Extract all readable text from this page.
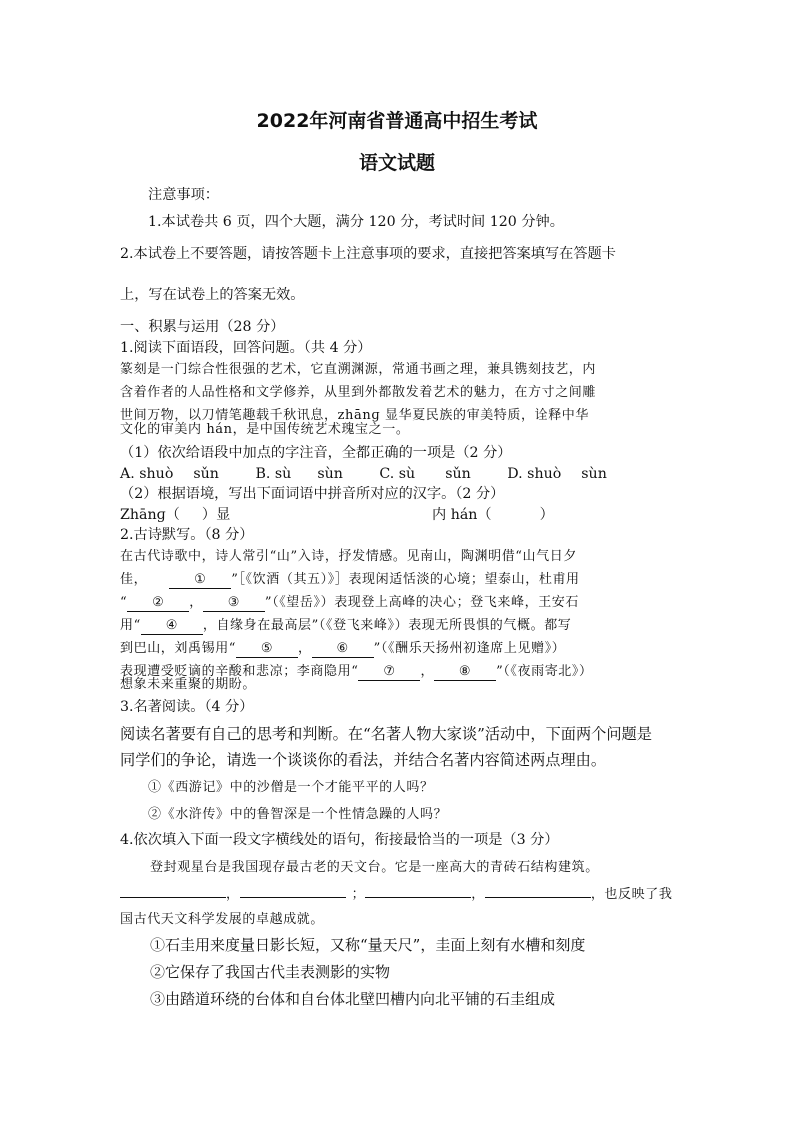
2022年河南省普通高中招生考试
语文试题
注意事项：
1.本试卷共 6 页，四个大题，满分 120 分，考试时间 120 分钟。
2.本试卷上不要答题，请按答题卡上注意事项的要求，直接把答案填写在答题卡
上，写在试卷上的答案无效。
一、积累与运用（28 分）
1.阅读下面语段，回答问题。（共 4 分）
篆刻是一门综合性很强的艺术，它直溯渊源，常通书画之理，兼具镌刻技艺，内
含着作者的人品性格和文学修养，从里到外都散发着艺术的魅力，在方寸之间雕
世间万物，以刀情笔趣载千秋讯息，zhānɡ 显华夏民族的审美特质，诠释中华
文化的审美内 hán，是中国传统艺术瑰宝之一。
（1）依次给语段中加点的字注音，全都正确的一项是（2 分）
A. shuò sǔn	B. sù sùn	C. sù sǔn	D. shuò sùn
（2）根据语境，写出下面词语中拼音所对应的汉字。（2 分）
Zhānɡ（ ）显	内 hán（	）
2.古诗默写。（8 分）
在古代诗歌中，诗人常引“山”入诗，抒发情感。见南山，陶渊明借“山气日夕
佳，	① ”［《饮酒（其五）》］表现闲适恬淡的心境；望泰山，杜甫用
“ ② ， ③ ”（《望岳》）表现登上高峰的决心；登飞来峰，王安石
用“ ④ ，自缘身在最高层”（《登飞来峰》）表现无所畏惧的气概。都写
到巴山，刘禹锡用“ ⑤ ， ⑥ ”（《酬乐天扬州初逢席上见赠》）
表现遭受贬谪的辛酸和悲凉；李商隐用“ ⑦ ， ⑧ ”（《夜雨寄北》）
想象未来重聚的期盼。
3.名著阅读。（4 分）
阅读名著要有自己的思考和判断。在“名著人物大家谈”活动中，下面两个问题是
同学们的争论，请选一个谈谈你的看法，并结合名著内容简述两点理由。
①《西游记》中的沙僧是一个才能平平的人吗？
②《水浒传》中的鲁智深是一个性情急躁的人吗？
4.依次填入下面一段文字横线处的语句，衔接最恰当的一项是（3 分）
登封观星台是我国现存最古老的天文台。它是一座高大的青砖石结构建筑。
，	；	，	，也反映了我
国古代天文科学发展的卓越成就。
①石圭用来度量日影长短，又称“量天尺”，圭面上刻有水槽和刻度
②它保存了我国古代圭表测影的实物
③由踏道环绕的台体和自台体北壁凹槽内向北平铺的石圭组成
